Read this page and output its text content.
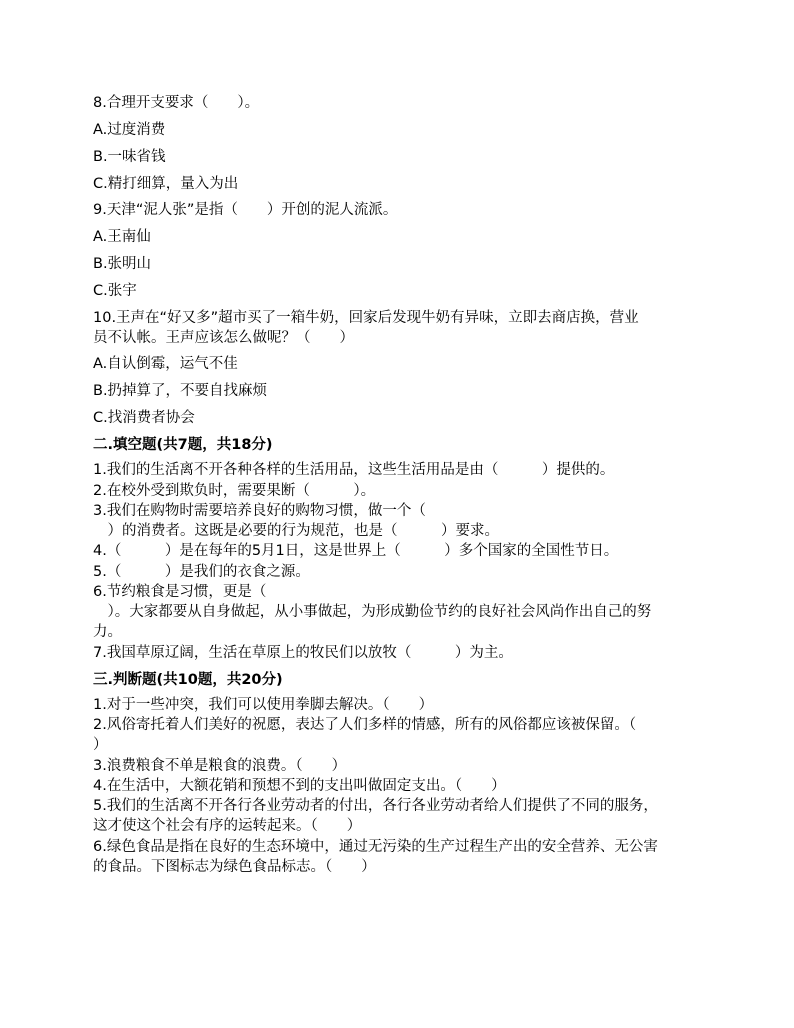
8.合理开支要求（　　）。
A.过度消费
B.一味省钱
C.精打细算，量入为出
9.天津“泥人张”是指（　　）开创的泥人流派。
A.王南仙
B.张明山
C.张宇
10.王声在“好又多”超市买了一箱牛奶，回家后发现牛奶有异味，立即去商店换，营业
员不认帐。王声应该怎么做呢？（　　）
A.自认倒霉，运气不佳
B.扔掉算了，不要自找麻烦
C.找消费者协会
二.填空题(共7题，共18分)
1.我们的生活离不开各种各样的生活用品，这些生活用品是由（　　　）提供的。
2.在校外受到欺负时，需要果断（　　　）。
3.我们在购物时需要培养良好的购物习惯，做一个（
　）的消费者。这既是必要的行为规范，也是（　　　）要求。
4.（　　　）是在每年的5月1日，这是世界上（　　　）多个国家的全国性节日。
5.（　　　）是我们的衣食之源。
6.节约粮食是习惯，更是（
　）。大家都要从自身做起，从小事做起，为形成勤俭节约的良好社会风尚作出自己的努
力。
7.我国草原辽阔，生活在草原上的牧民们以放牧（　　　）为主。
三.判断题(共10题，共20分)
1.对于一些冲突，我们可以使用拳脚去解决。（　　）
2.风俗寄托着人们美好的祝愿，表达了人们多样的情感，所有的风俗都应该被保留。（
）
3.浪费粮食不单是粮食的浪费。（　　）
4.在生活中，大额花销和预想不到的支出叫做固定支出。（　　）
5.我们的生活离不开各行各业劳动者的付出，各行各业劳动者给人们提供了不同的服务，
这才使这个社会有序的运转起来。（　　）
6.绿色食品是指在良好的生态环境中，通过无污染的生产过程生产出的安全营养、无公害
的食品。下图标志为绿色食品标志。（　　）
